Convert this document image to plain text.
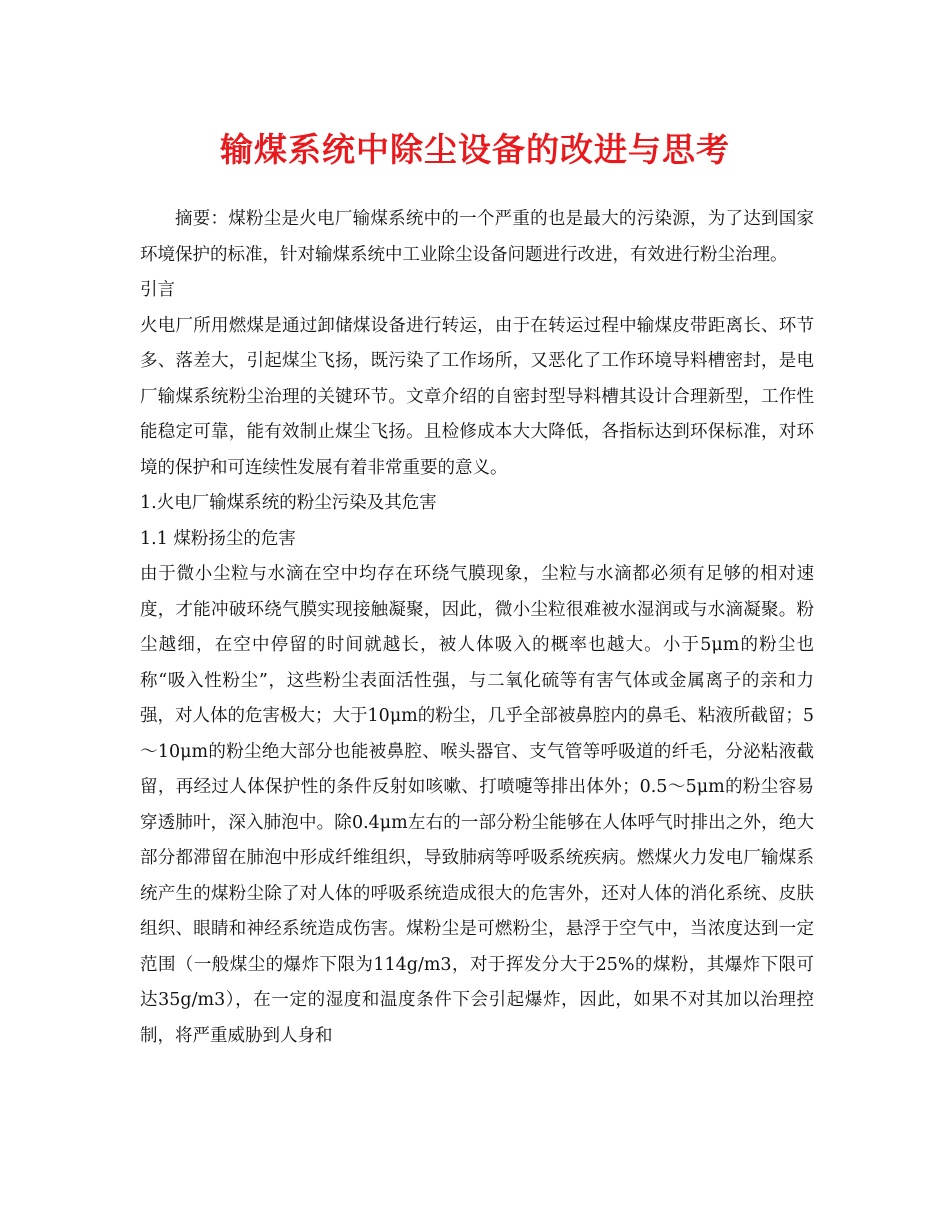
输煤系统中除尘设备的改进与思考

摘要：煤粉尘是火电厂输煤系统中的一个严重的也是最大的污染源，为了达到国家环境保护的标准，针对输煤系统中工业除尘设备问题进行改进，有效进行粉尘治理。

引言

火电厂所用燃煤是通过卸储煤设备进行转运，由于在转运过程中输煤皮带距离长、环节多、落差大，引起煤尘飞扬，既污染了工作场所，又恶化了工作环境导料槽密封，是电厂输煤系统粉尘治理的关键环节。文章介绍的自密封型导料槽其设计合理新型，工作性能稳定可靠，能有效制止煤尘飞扬。且检修成本大大降低，各指标达到环保标准，对环境的保护和可连续性发展有着非常重要的意义。

1.火电厂输煤系统的粉尘污染及其危害

1.1 煤粉扬尘的危害

由于微小尘粒与水滴在空中均存在环绕气膜现象，尘粒与水滴都必须有足够的相对速度，才能冲破环绕气膜实现接触凝聚，因此，微小尘粒很难被水湿润或与水滴凝聚。粉尘越细，在空中停留的时间就越长，被人体吸入的概率也越大。小于5μm的粉尘也称“吸入性粉尘”，这些粉尘表面活性强，与二氧化硫等有害气体或金属离子的亲和力强，对人体的危害极大；大于10μm的粉尘，几乎全部被鼻腔内的鼻毛、粘液所截留；5～10μm的粉尘绝大部分也能被鼻腔、喉头器官、支气管等呼吸道的纤毛，分泌粘液截留，再经过人体保护性的条件反射如咳嗽、打喷嚏等排出体外；0.5～5μm的粉尘容易穿透肺叶，深入肺泡中。除0.4μm左右的一部分粉尘能够在人体呼气时排出之外，绝大部分都滞留在肺泡中形成纤维组织，导致肺病等呼吸系统疾病。燃煤火力发电厂输煤系统产生的煤粉尘除了对人体的呼吸系统造成很大的危害外，还对人体的消化系统、皮肤组织、眼睛和神经系统造成伤害。煤粉尘是可燃粉尘，悬浮于空气中，当浓度达到一定范围（一般煤尘的爆炸下限为114g/m3，对于挥发分大于25%的煤粉，其爆炸下限可达35g/m3），在一定的湿度和温度条件下会引起爆炸，因此，如果不对其加以治理控制，将严重威胁到人身和
